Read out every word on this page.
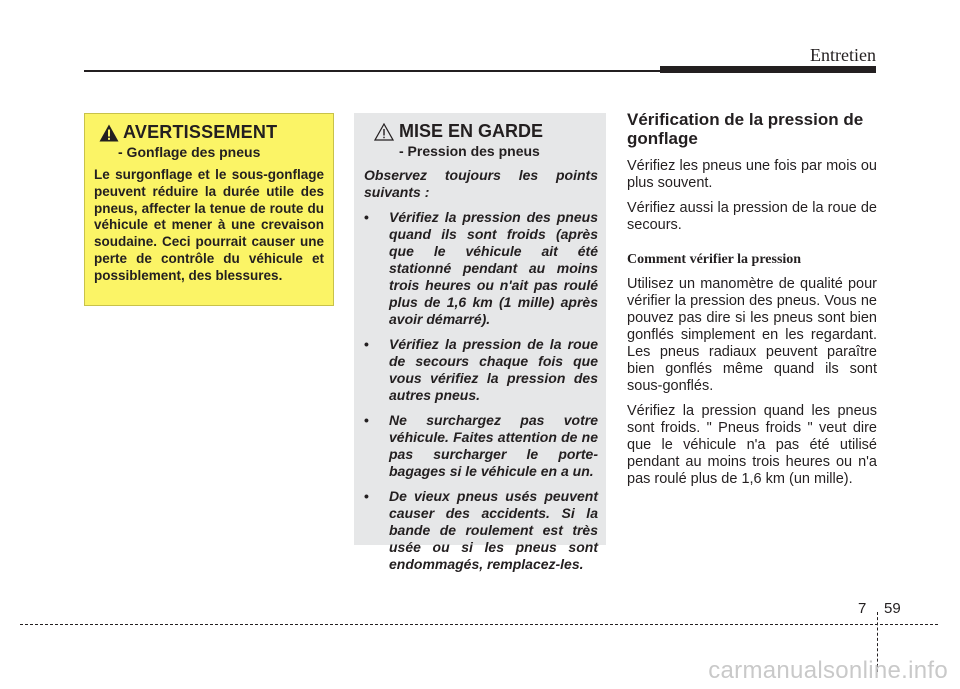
Entretien
AVERTISSEMENT
- Gonflage des pneus
Le surgonflage et le sous-gonflage peuvent réduire la durée utile des pneus, affecter la tenue de route du véhicule et mener à une crevaison soudaine. Ceci pourrait causer une perte de contrôle du véhicule et possiblement, des blessures.
MISE EN GARDE
- Pression des pneus
Observez toujours les points suivants :
• Vérifiez la pression des pneus quand ils sont froids (après que le véhicule ait été stationné pendant au moins trois heures ou n'ait pas roulé plus de 1,6 km (1 mille) après avoir démarré).
• Vérifiez la pression de la roue de secours chaque fois que vous vérifiez la pression des autres pneus.
• Ne surchargez pas votre véhicule. Faites attention de ne pas surcharger le porte-bagages si le véhicule en a un.
• De vieux pneus usés peuvent causer des accidents. Si la bande de roulement est très usée ou si les pneus sont endommagés, remplacez-les.
Vérification de la pression de gonflage

Vérifiez les pneus une fois par mois ou plus souvent.

Vérifiez aussi la pression de la roue de secours.

Comment vérifier la pression

Utilisez un manomètre de qualité pour vérifier la pression des pneus. Vous ne pouvez pas dire si les pneus sont bien gonflés simplement en les regardant. Les pneus radiaux peuvent paraître bien gonflés même quand ils sont sous-gonflés.

Vérifiez la pression quand les pneus sont froids. " Pneus froids " veut dire que le véhicule n'a pas été utilisé pendant au moins trois heures ou n'a pas roulé plus de 1,6 km (un mille).

7 59
carmanualsonline.info
